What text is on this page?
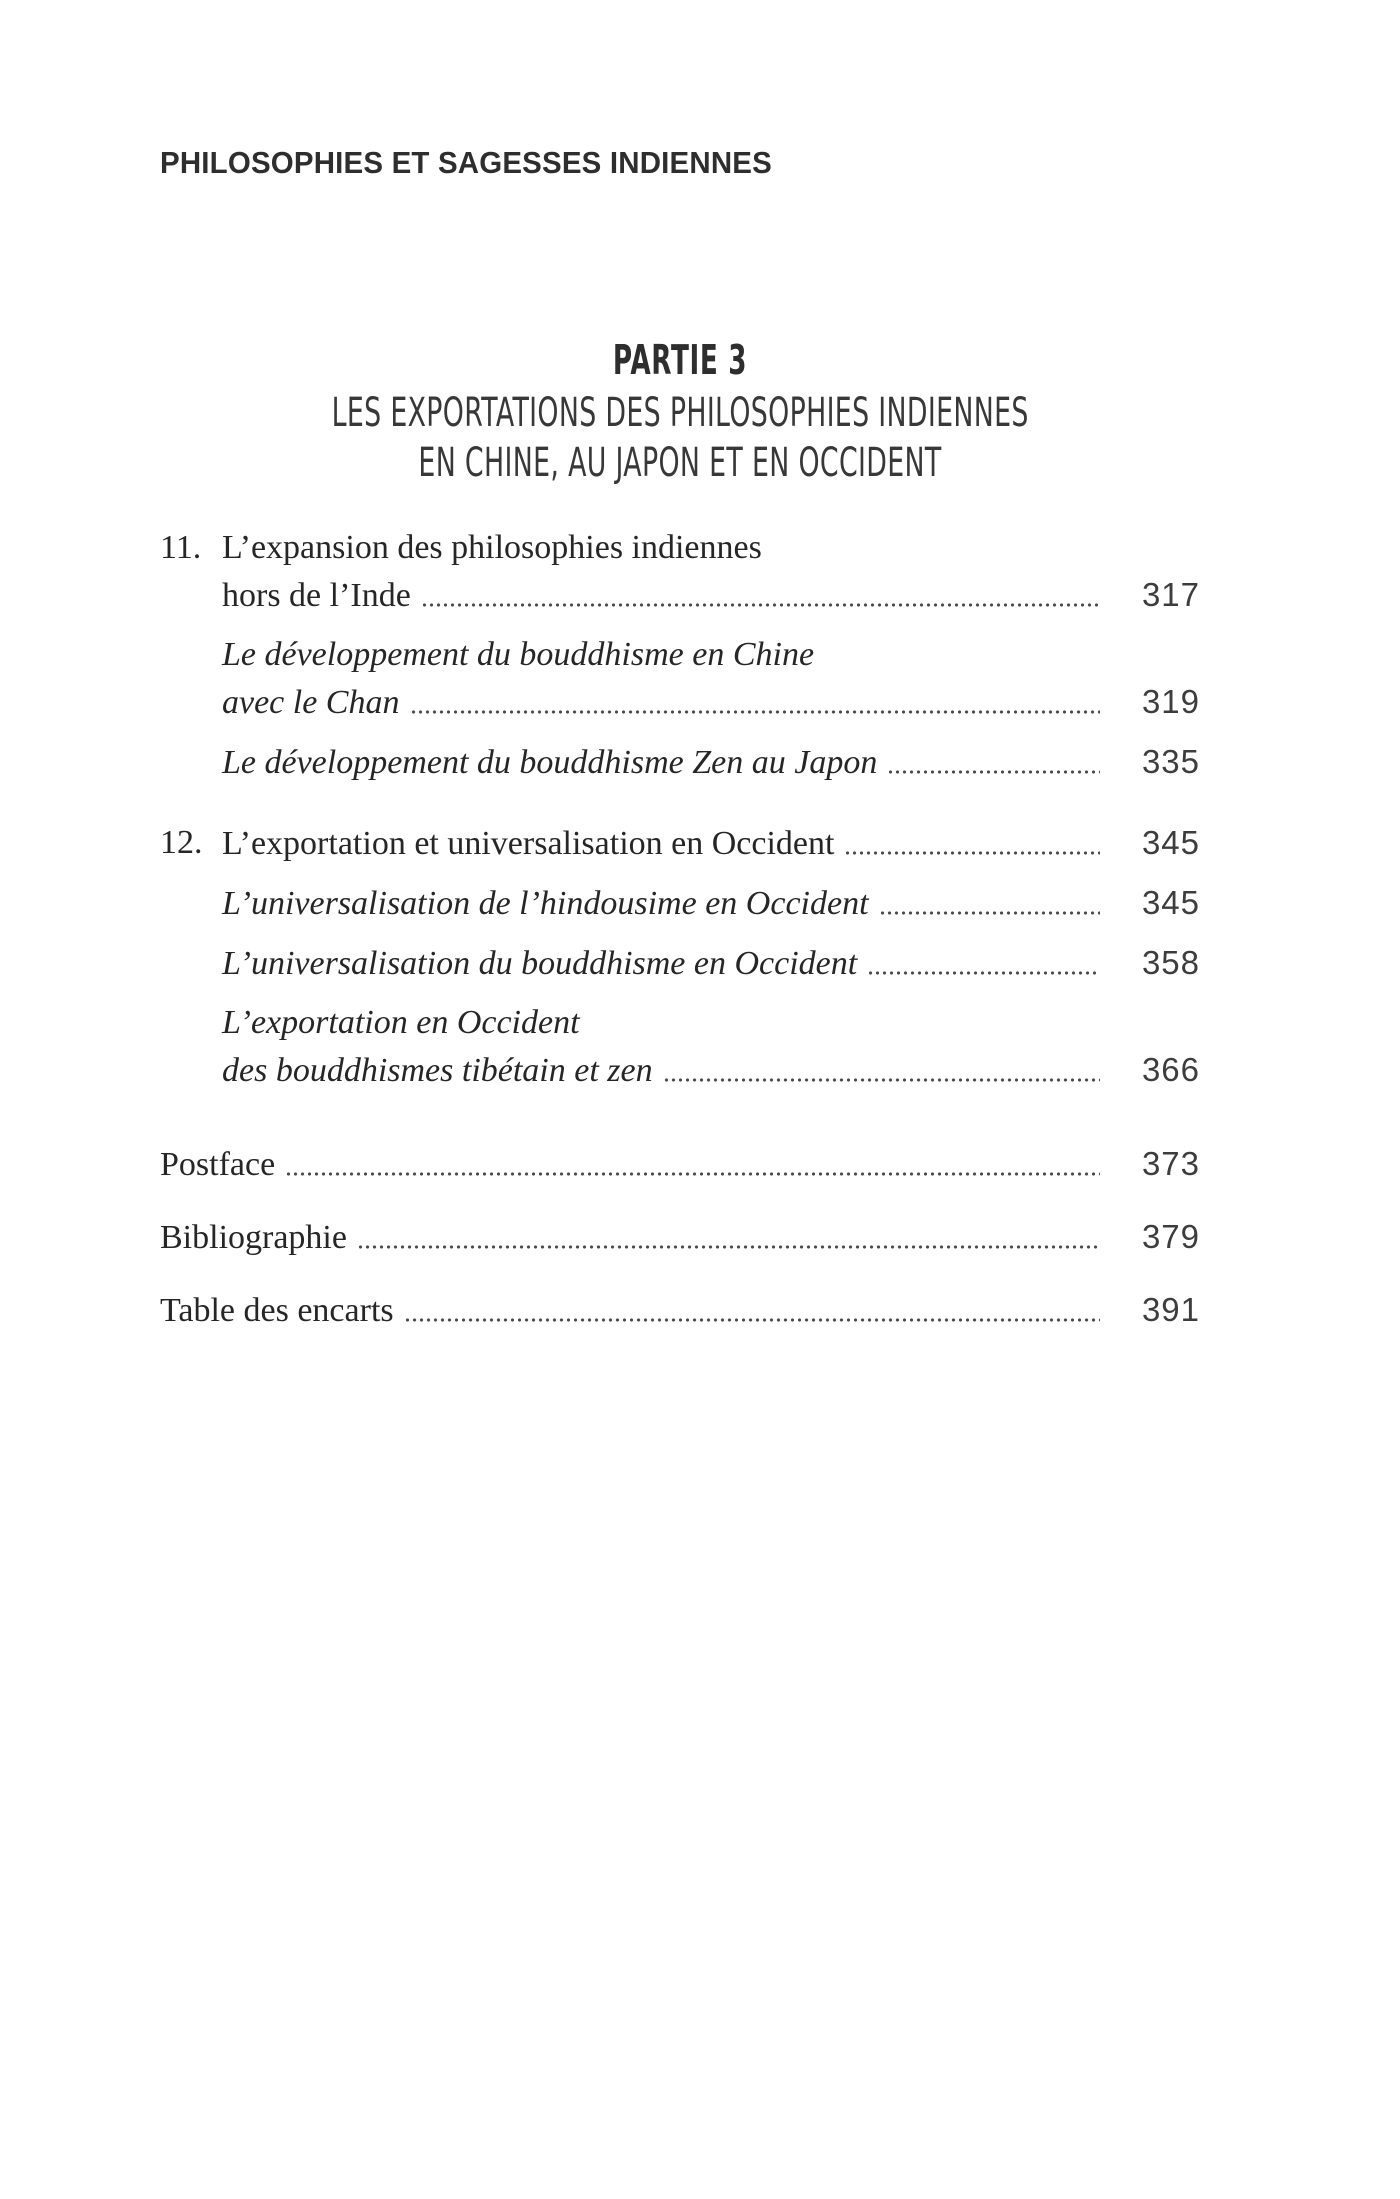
PHILOSOPHIES ET SAGESSES INDIENNES
PARTIE 3
LES EXPORTATIONS DES PHILOSOPHIES INDIENNES
EN CHINE, AU JAPON ET EN OCCIDENT
11. L’expansion des philosophies indiennes
hors de l’Inde	317
Le développement du bouddhisme en Chine
avec le Chan	319
Le développement du bouddhisme Zen au Japon	335
12. L’exportation et universalisation en Occident	345
L’universalisation de l’hindousime en Occident	345
L’universalisation du bouddhisme en Occident	358
L’exportation en Occident
des bouddhismes tibétain et zen	366
Postface	373
Bibliographie	379
Table des encarts	391
